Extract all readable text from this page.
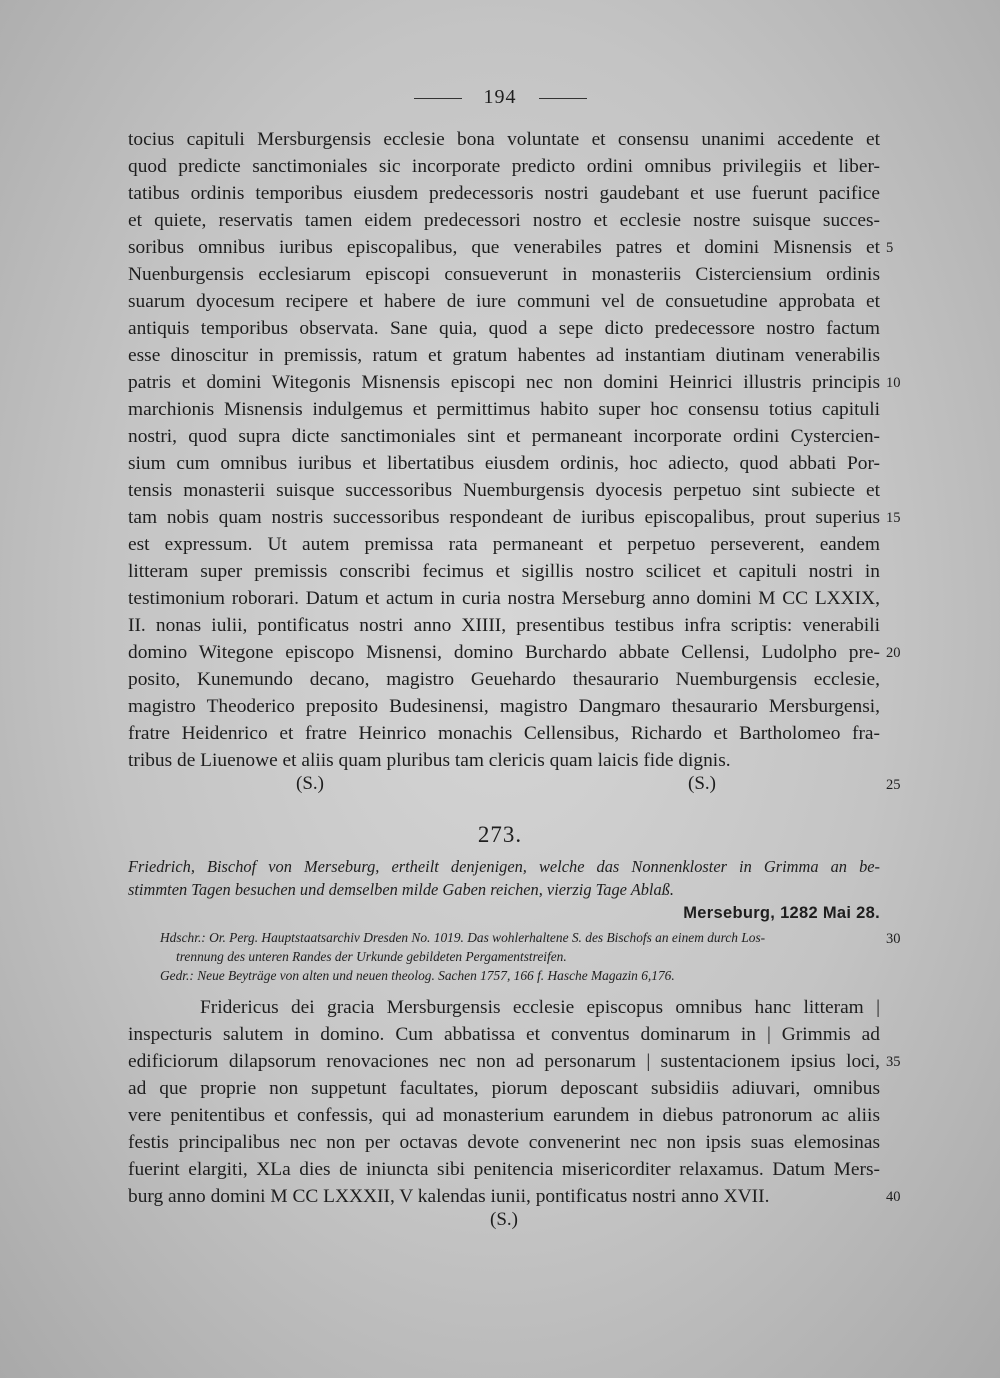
194
tocius capituli Mersburgensis ecclesie bona voluntate et consensu unanimi accedente et
quod predicte sanctimoniales sic incorporate predicto ordini omnibus privilegiis et liber-
tatibus ordinis temporibus eiusdem predecessoris nostri gaudebant et use fuerunt pacifice
et quiete, reservatis tamen eidem predecessori nostro et ecclesie nostre suisque succes-
soribus omnibus iuribus episcopalibus, que venerabiles patres et domini Misnensis et
Nuenburgensis ecclesiarum episcopi consueverunt in monasteriis Cisterciensium ordinis
suarum dyocesum recipere et habere de iure communi vel de consuetudine approbata et
antiquis temporibus observata. Sane quia, quod a sepe dicto predecessore nostro factum
esse dinoscitur in premissis, ratum et gratum habentes ad instantiam diutinam venerabilis
patris et domini Witegonis Misnensis episcopi nec non domini Heinrici illustris principis
marchionis Misnensis indulgemus et permittimus habito super hoc consensu totius capituli
nostri, quod supra dicte sanctimoniales sint et permaneant incorporate ordini Cystercien-
sium cum omnibus iuribus et libertatibus eiusdem ordinis, hoc adiecto, quod abbati Por-
tensis monasterii suisque successoribus Nuemburgensis dyocesis perpetuo sint subiecte et
tam nobis quam nostris successoribus respondeant de iuribus episcopalibus, prout superius
est expressum. Ut autem premissa rata permaneant et perpetuo perseverent, eandem
litteram super premissis conscribi fecimus et sigillis nostro scilicet et capituli nostri in
testimonium roborari. Datum et actum in curia nostra Merseburg anno domini M CC LXXIX,
II. nonas iulii, pontificatus nostri anno XIIII, presentibus testibus infra scriptis: venerabili
domino Witegone episcopo Misnensi, domino Burchardo abbate Cellensi, Ludolpho pre-
posito, Kunemundo decano, magistro Geuehardo thesaurario Nuemburgensis ecclesie,
magistro Theoderico preposito Budesinensi, magistro Dangmaro thesaurario Mersburgensi,
fratre Heidenrico et fratre Heinrico monachis Cellensibus, Richardo et Bartholomeo fra-
tribus de Liuenowe et aliis quam pluribus tam clericis quam laicis fide dignis.
(S.)	(S.)
5
10
15
20
25
273.
Friedrich, Bischof von Merseburg, ertheilt denjenigen, welche das Nonnenkloster in Grimma an be-
stimmten Tagen besuchen und demselben milde Gaben reichen, vierzig Tage Ablaß.
Merseburg, 1282 Mai 28.
Hdschr.: Or. Perg. Hauptstaatsarchiv Dresden No. 1019. Das wohlerhaltene S. des Bischofs an einem durch Los-
trennung des unteren Randes der Urkunde gebildeten Pergamentstreifen.
Gedr.: Neue Beyträge von alten und neuen theolog. Sachen 1757, 166 f. Hasche Magazin 6,176.
30
Fridericus dei gracia Mersburgensis ecclesie episcopus omnibus hanc litteram |
inspecturis salutem in domino. Cum abbatissa et conventus dominarum in | Grimmis ad
edificiorum dilapsorum renovaciones nec non ad personarum | sustentacionem ipsius loci,
ad que proprie non suppetunt facultates, piorum deposcant subsidiis adiuvari, omnibus
vere penitentibus et confessis, qui ad monasterium earundem in diebus patronorum ac aliis
festis principalibus nec non per octavas devote convenerint nec non ipsis suas elemosinas
fuerint elargiti, XLa dies de iniuncta sibi penitencia misericorditer relaxamus. Datum Mers-
burg anno domini M CC LXXXII, V kalendas iunii, pontificatus nostri anno XVII.
35
40
(S.)
